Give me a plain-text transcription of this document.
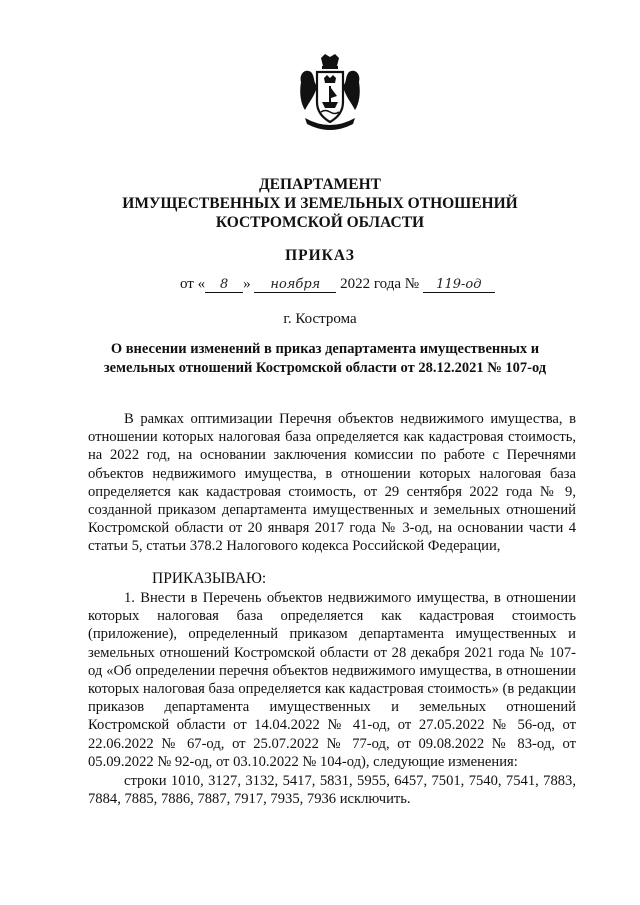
ДЕПАРТАМЕНТ
ИМУЩЕСТВЕННЫХ И ЗЕМЕЛЬНЫХ ОТНОШЕНИЙ
КОСТРОМСКОЙ ОБЛАСТИ
ПРИКАЗ
от « 8 » ноября 2022 года № 119-од
г. Кострома
О внесении изменений в приказ департамента имущественных и
земельных отношений Костромской области от 28.12.2021 № 107-од
В рамках оптимизации Перечня объектов недвижимого имущества, в отношении которых налоговая база определяется как кадастровая стоимость, на 2022 год, на основании заключения комиссии по работе с Перечнями объектов недвижимого имущества, в отношении которых налоговая база определяется как кадастровая стоимость, от 29 сентября 2022 года № 9, созданной приказом департамента имущественных и земельных отношений Костромской области от 20 января 2017 года № 3-од, на основании части 4 статьи 5, статьи 378.2 Налогового кодекса Российской Федерации,
ПРИКАЗЫВАЮ:
1. Внести в Перечень объектов недвижимого имущества, в отношении которых налоговая база определяется как кадастровая стоимость (приложение), определенный приказом департамента имущественных и земельных отношений Костромской области от 28 декабря 2021 года № 107-од «Об определении перечня объектов недвижимого имущества, в отношении которых налоговая база определяется как кадастровая стоимость» (в редакции приказов департамента имущественных и земельных отношений Костромской области от 14.04.2022 № 41-од, от 27.05.2022 № 56-од, от 22.06.2022 № 67-од, от 25.07.2022 № 77-од, от 09.08.2022 № 83-од, от 05.09.2022 № 92-од, от 03.10.2022 № 104-од), следующие изменения:
строки 1010, 3127, 3132, 5417, 5831, 5955, 6457, 7501, 7540, 7541, 7883, 7884, 7885, 7886, 7887, 7917, 7935, 7936 исключить.
